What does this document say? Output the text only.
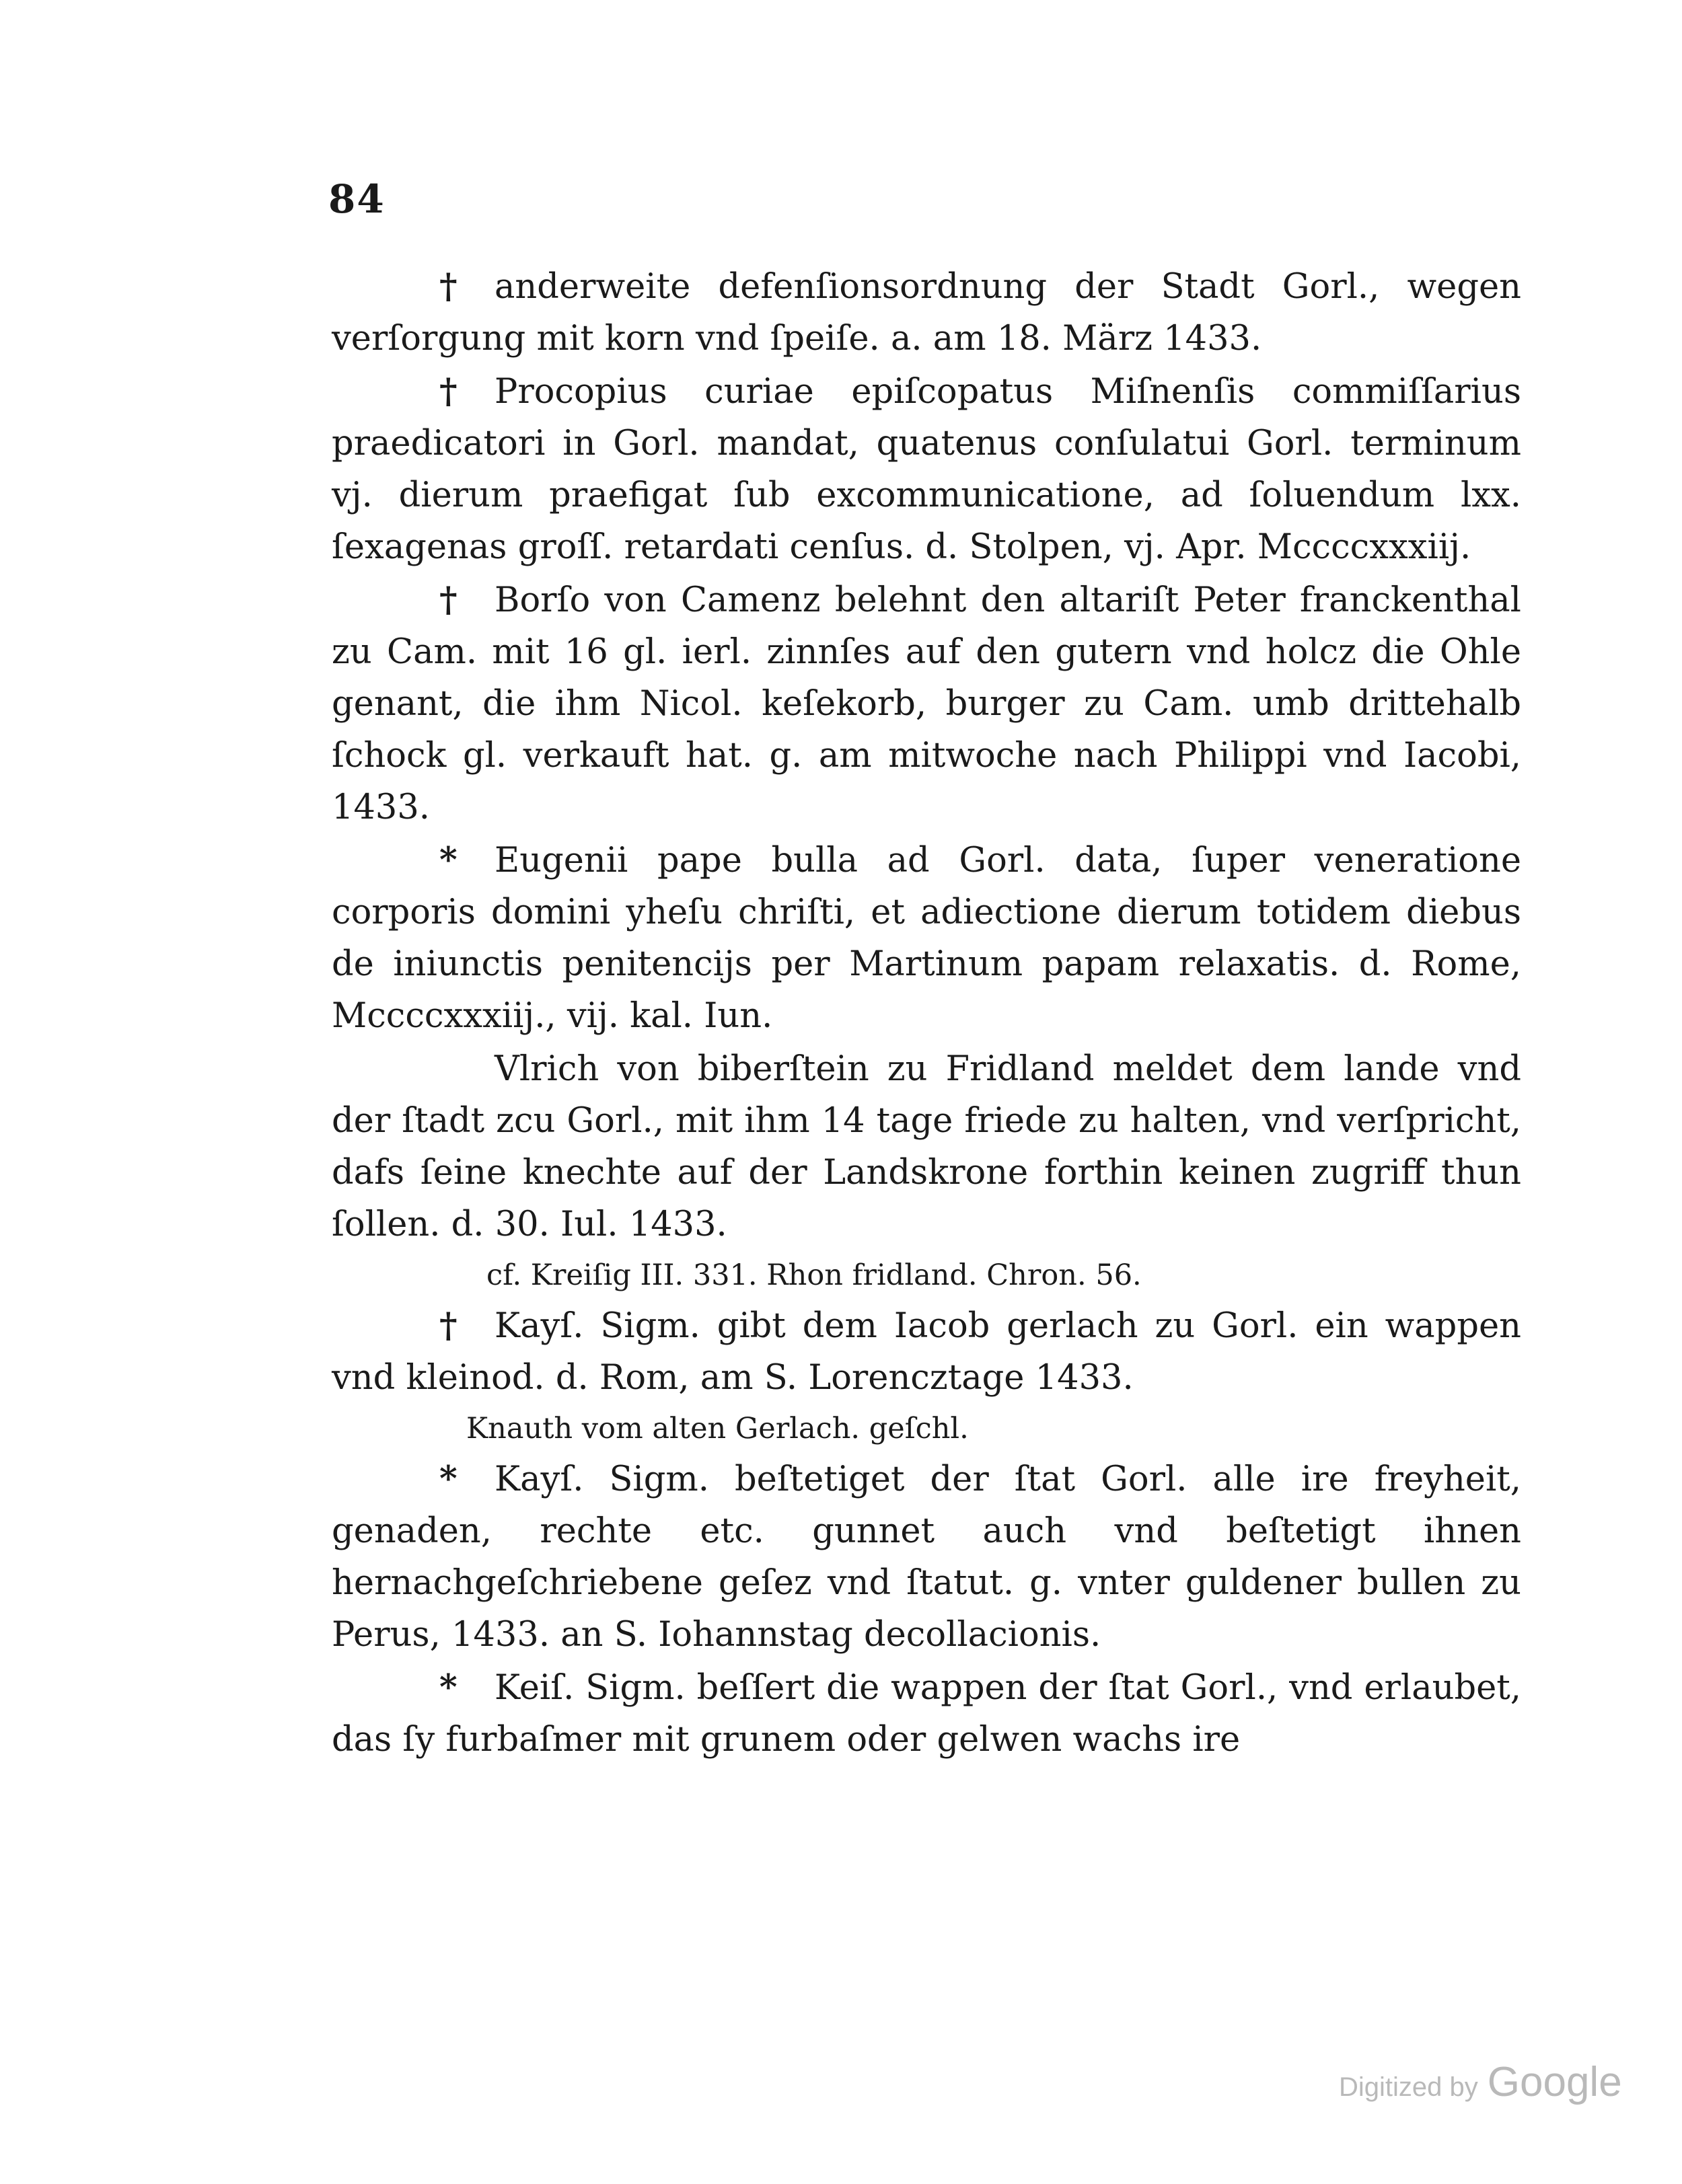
84

† anderweite defenſionsordnung der Stadt Gorl., wegen verſorgung mit korn vnd ſpeiſe. a. am 18. März 1433.

† Procopius curiae epiſcopatus Miſnenſis commiſſarius praedicatori in Gorl. mandat, quatenus conſulatui Gorl. terminum vj. dierum praefigat ſub excommunicatione, ad ſoluendum lxx. ſexagenas groſſ. retardati cenſus. d. Stolpen, vj. Apr. Mccccxxxiij.

† Borſo von Camenz belehnt den altariſt Peter franckenthal zu Cam. mit 16 gl. ierl. zinnſes auf den gutern vnd holcz die Ohle genant, die ihm Nicol. keſekorb, burger zu Cam. umb drittehalb ſchock gl. verkauft hat. g. am mitwoche nach Philippi vnd Iacobi, 1433.

* Eugenii pape bulla ad Gorl. data, ſuper veneratione corporis domini yheſu chriſti, et adiectione dierum totidem diebus de iniunctis penitencijs per Martinum papam relaxatis. d. Rome, Mccccxxxiij., vij. kal. Iun.

Vlrich von biberſtein zu Fridland meldet dem lande vnd der ſtadt zcu Gorl., mit ihm 14 tage friede zu halten, vnd verſpricht, dafs ſeine knechte auf der Landskrone forthin keinen zugriff thun ſollen. d. 30. Iul. 1433.

cf. Kreiſig III. 331. Rhon fridland. Chron. 56.

† Kayſ. Sigm. gibt dem Iacob gerlach zu Gorl. ein wappen vnd kleinod. d. Rom, am S. Lorencztage 1433.

Knauth vom alten Gerlach. geſchl.

* Kayſ. Sigm. beſtetiget der ſtat Gorl. alle ire freyheit, genaden, rechte etc. gunnet auch vnd beſtetigt ihnen hernachgeſchriebene geſez vnd ſtatut. g. vnter guldener bullen zu Perus, 1433. an S. Iohannstag decollacionis.

* Keiſ. Sigm. beſſert die wappen der ſtat Gorl., vnd erlaubet, das ſy furbaſmer mit grunem oder gelwen wachs ire

Digitized by Google
